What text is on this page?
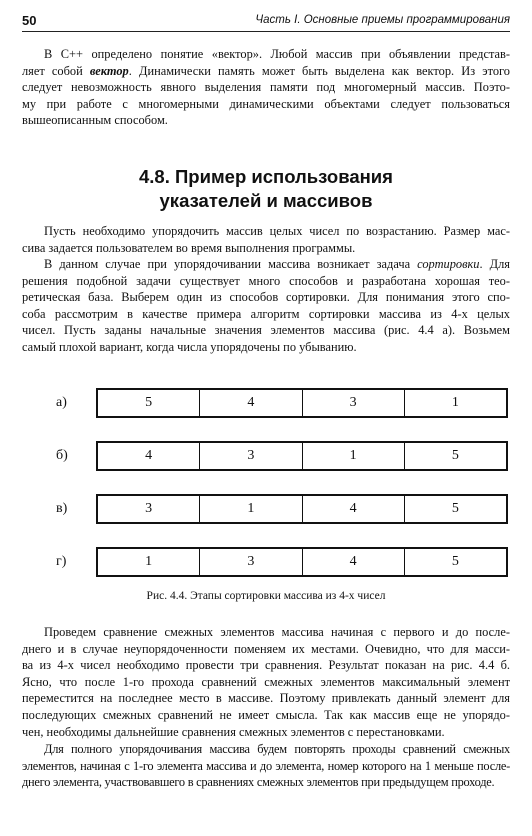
50	Часть I. Основные приемы программирования
В С++ определено понятие «вектор». Любой массив при объявлении представ-
ляет собой вектор. Динамически память может быть выделена как вектор. Из этого
следует невозможность явного выделения памяти под многомерный массив. Поэто-
му при работе с многомерными динамическими объектами следует пользоваться
вышеописанным способом.
4.8. Пример использования
указателей и массивов
Пусть необходимо упорядочить массив целых чисел по возрастанию. Размер мас-
сива задается пользователем во время выполнения программы.
В данном случае при упорядочивании массива возникает задача сортировки. Для
решения подобной задачи существует много способов и разработана хорошая тео-
ретическая база. Выберем один из способов сортировки. Для понимания этого спо-
соба рассмотрим в качестве примера алгоритм сортировки массива из 4-х целых
чисел. Пусть заданы начальные значения элементов массива (рис. 4.4 а). Возьмем
самый плохой вариант, когда числа упорядочены по убыванию.
а)	5	4	3	1
б)	4	3	1	5
в)	3	1	4	5
г)	1	3	4	5
Рис. 4.4. Этапы сортировки массива из 4-х чисел
Проведем сравнение смежных элементов массива начиная с первого и до после-
днего и в случае неупорядоченности поменяем их местами. Очевидно, что для масси-
ва из 4-х чисел необходимо провести три сравнения. Результат показан на рис. 4.4 б.
Ясно, что после 1-го прохода сравнений смежных элементов максимальный элемент
переместится на последнее место в массиве. Поэтому привлекать данный элемент для
последующих смежных сравнений не имеет смысла. Так как массив еще не упорядо-
чен, необходимы дальнейшие сравнения смежных элементов с перестановками.
Для полного упорядочивания массива будем повторять проходы сравнений смежных
элементов, начиная с 1-го элемента массива и до элемента, номер которого на 1 меньше после-
днего элемента, участвовавшего в сравнениях смежных элементов при предыдущем проходе.
